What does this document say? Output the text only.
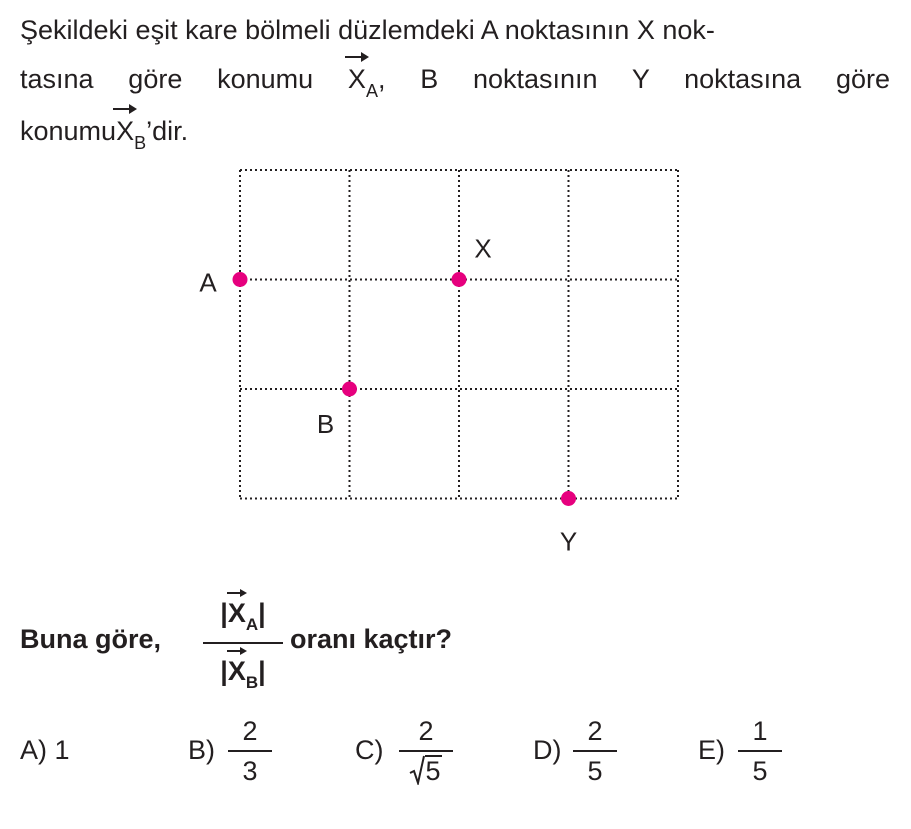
Şekildeki eşit kare bölmeli düzlemdeki A noktasının X nok-
tasına göre konumu
$X_A$, B noktasının Y noktasına göre
konumu
$X_B’dir$.
A
X
B
Y
Buna göre,
|
$X_A|$
|
$X_B|$
oranı kaçtır?
A) 1	B)
2
3
C)
2
5
D)
2
5
E)
1
5
